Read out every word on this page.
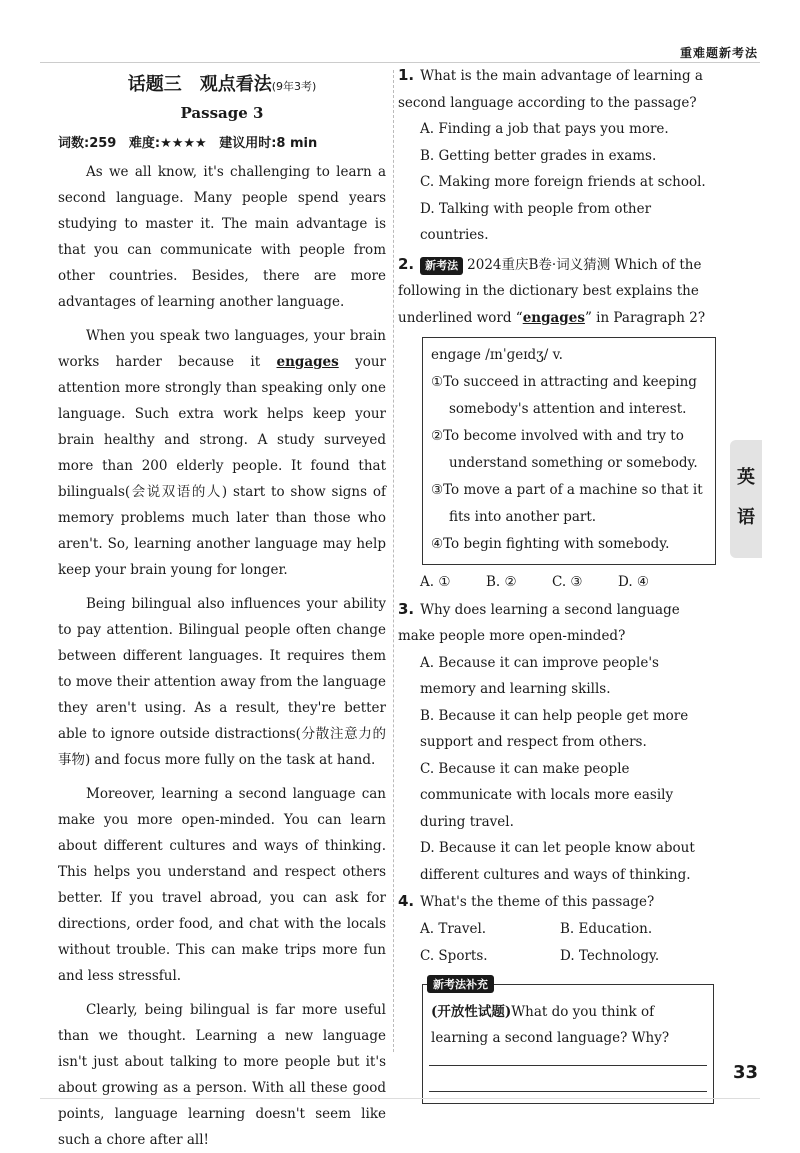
重难题新考法
话题三　观点看法(9年3考)
Passage 3
词数:259 难度:★★★★ 建议用时:8 min

As we all know, it's challenging to learn a second language. Many people spend years studying to master it. The main advantage is that you can communicate with people from other countries. Besides, there are more advantages of learning another language.

When you speak two languages, your brain works harder because it engages your attention more strongly than speaking only one language. Such extra work helps keep your brain healthy and strong. A study surveyed more than 200 elderly people. It found that bilinguals(会说双语的人) start to show signs of memory problems much later than those who aren't. So, learning another language may help keep your brain young for longer.

Being bilingual also influences your ability to pay attention. Bilingual people often change between different languages. It requires them to move their attention away from the language they aren't using. As a result, they're better able to ignore outside distractions(分散注意力的事物) and focus more fully on the task at hand.

Moreover, learning a second language can make you more open-minded. You can learn about different cultures and ways of thinking. This helps you understand and respect others better. If you travel abroad, you can ask for directions, order food, and chat with the locals without trouble. This can make trips more fun and less stressful.

Clearly, being bilingual is far more useful than we thought. Learning a new language isn't just about talking to more people but it's about growing as a person. With all these good points, language learning doesn't seem like such a chore after all!

1. What is the main advantage of learning a second language according to the passage?
A. Finding a job that pays you more.
B. Getting better grades in exams.
C. Making more foreign friends at school.
D. Talking with people from other countries.
2. 新考法 2024重庆B卷·词义猜测 Which of the following in the dictionary best explains the underlined word “engages” in Paragraph 2?
engage /ɪnˈɡeɪdʒ/ v.
①To succeed in attracting and keeping somebody's attention and interest.
②To become involved with and try to understand something or somebody.
③To move a part of a machine so that it fits into another part.
④To begin fighting with somebody.
A. ①	B. ②	C. ③	D. ④
3. Why does learning a second language make people more open-minded?
A. Because it can improve people's memory and learning skills.
B. Because it can help people get more support and respect from others.
C. Because it can make people communicate with locals more easily during travel.
D. Because it can let people know about different cultures and ways of thinking.
4. What's the theme of this passage?
A. Travel.	B. Education.
C. Sports.	D. Technology.
新考法补充
(开放性试题)What do you think of learning a second language? Why?
英
语
33
